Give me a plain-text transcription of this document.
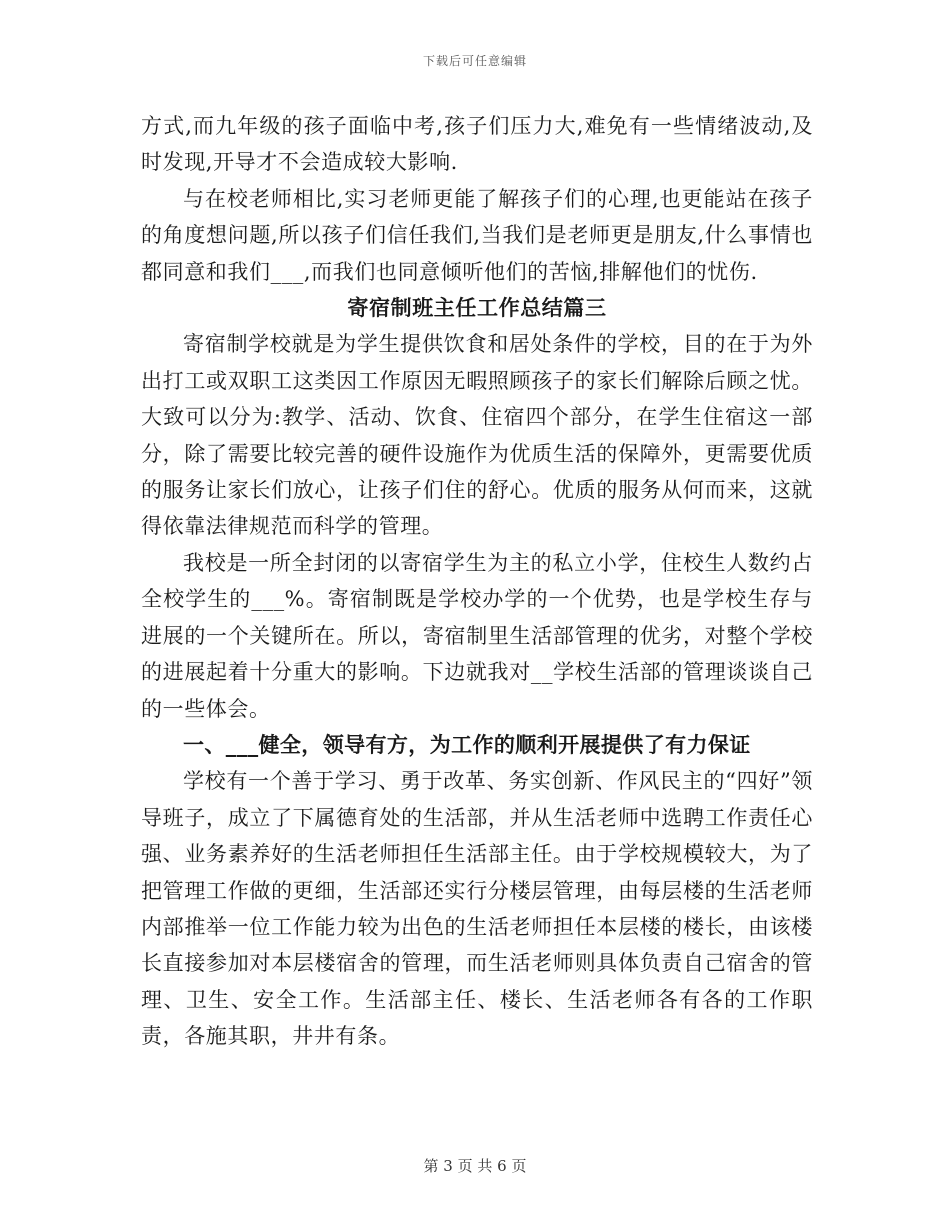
下载后可任意编辑

方式,而九年级的孩子面临中考,孩子们压力大,难免有一些情绪波动,及时发现,开导才不会造成较大影响.

与在校老师相比,实习老师更能了解孩子们的心理,也更能站在孩子的角度想问题,所以孩子们信任我们,当我们是老师更是朋友,什么事情也都同意和我们___,而我们也同意倾听他们的苦恼,排解他们的忧伤.

寄宿制班主任工作总结篇三

寄宿制学校就是为学生提供饮食和居处条件的学校，目的在于为外出打工或双职工这类因工作原因无暇照顾孩子的家长们解除后顾之忧。大致可以分为:教学、活动、饮食、住宿四个部分，在学生住宿这一部分，除了需要比较完善的硬件设施作为优质生活的保障外，更需要优质的服务让家长们放心，让孩子们住的舒心。优质的服务从何而来，这就得依靠法律规范而科学的管理。

我校是一所全封闭的以寄宿学生为主的私立小学，住校生人数约占全校学生的___%。寄宿制既是学校办学的一个优势，也是学校生存与进展的一个关键所在。所以，寄宿制里生活部管理的优劣，对整个学校的进展起着十分重大的影响。下边就我对__学校生活部的管理谈谈自己的一些体会。

一、___健全，领导有方，为工作的顺利开展提供了有力保证

学校有一个善于学习、勇于改革、务实创新、作风民主的“四好”领导班子，成立了下属德育处的生活部，并从生活老师中选聘工作责任心强、业务素养好的生活老师担任生活部主任。由于学校规模较大，为了把管理工作做的更细，生活部还实行分楼层管理，由每层楼的生活老师内部推举一位工作能力较为出色的生活老师担任本层楼的楼长，由该楼长直接参加对本层楼宿舍的管理，而生活老师则具体负责自己宿舍的管理、卫生、安全工作。生活部主任、楼长、生活老师各有各的工作职责，各施其职，井井有条。

第 3 页 共 6 页
